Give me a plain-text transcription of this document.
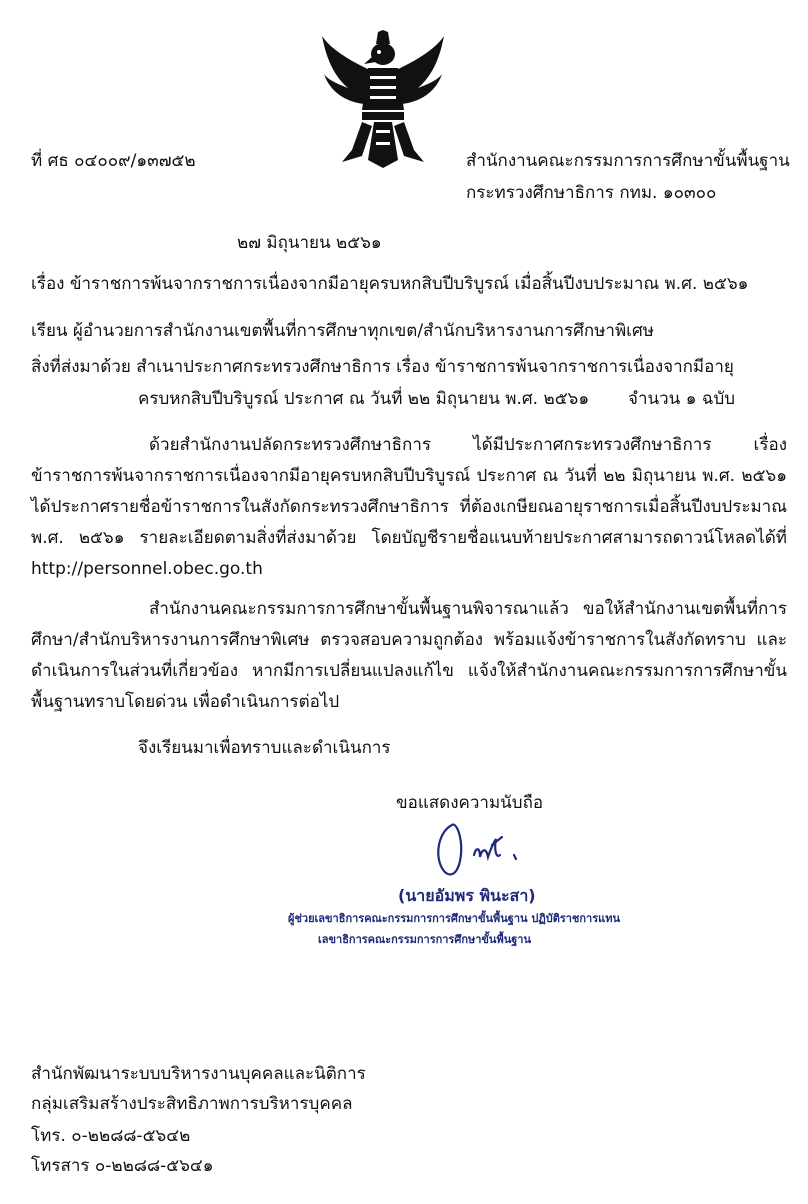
ที่ ศธ ๐๔๐๐๙/๑๓๗๕๒	สำนักงานคณะกรรมการการศึกษาขั้นพื้นฐาน
กระทรวงศึกษาธิการ กทม. ๑๐๓๐๐
๒๗ มิถุนายน ๒๕๖๑
เรื่อง ข้าราชการพ้นจากราชการเนื่องจากมีอายุครบหกสิบปีบริบูรณ์ เมื่อสิ้นปีงบประมาณ พ.ศ. ๒๕๖๑
เรียน ผู้อำนวยการสำนักงานเขตพื้นที่การศึกษาทุกเขต/สำนักบริหารงานการศึกษาพิเศษ
สิ่งที่ส่งมาด้วย สำเนาประกาศกระทรวงศึกษาธิการ เรื่อง ข้าราชการพ้นจากราชการเนื่องจากมีอายุ
ครบหกสิบปีบริบูรณ์ ประกาศ ณ วันที่ ๒๒ มิถุนายน พ.ศ. ๒๕๖๑ จำนวน ๑ ฉบับ
ด้วยสำนักงานปลัดกระทรวงศึกษาธิการ ได้มีประกาศกระทรวงศึกษาธิการ เรื่อง ข้าราชการพ้นจากราชการเนื่องจากมีอายุครบหกสิบปีบริบูรณ์ ประกาศ ณ วันที่ ๒๒ มิถุนายน พ.ศ. ๒๕๖๑ ได้ประกาศรายชื่อข้าราชการในสังกัดกระทรวงศึกษาธิการ ที่ต้องเกษียณอายุราชการเมื่อสิ้นปีงบประมาณ พ.ศ. ๒๕๖๑ รายละเอียดตามสิ่งที่ส่งมาด้วย โดยบัญชีรายชื่อแนบท้ายประกาศสามารถดาวน์โหลดได้ที่ http://personnel.obec.go.th
สำนักงานคณะกรรมการการศึกษาขั้นพื้นฐานพิจารณาแล้ว ขอให้สำนักงานเขตพื้นที่การศึกษา/สำนักบริหารงานการศึกษาพิเศษ ตรวจสอบความถูกต้อง พร้อมแจ้งข้าราชการในสังกัดทราบ และดำเนินการในส่วนที่เกี่ยวข้อง หากมีการเปลี่ยนแปลงแก้ไข แจ้งให้สำนักงานคณะกรรมการการศึกษาขั้นพื้นฐานทราบโดยด่วน เพื่อดำเนินการต่อไป
จึงเรียนมาเพื่อทราบและดำเนินการ
ขอแสดงความนับถือ
(นายอัมพร พินะสา)
ผู้ช่วยเลขาธิการคณะกรรมการการศึกษาขั้นพื้นฐาน ปฏิบัติราชการแทน
เลขาธิการคณะกรรมการการศึกษาขั้นพื้นฐาน
สำนักพัฒนาระบบบริหารงานบุคคลและนิติการ
กลุ่มเสริมสร้างประสิทธิภาพการบริหารบุคคล
โทร. ๐-๒๒๘๘-๕๖๔๒
โทรสาร ๐-๒๒๘๘-๕๖๔๑
